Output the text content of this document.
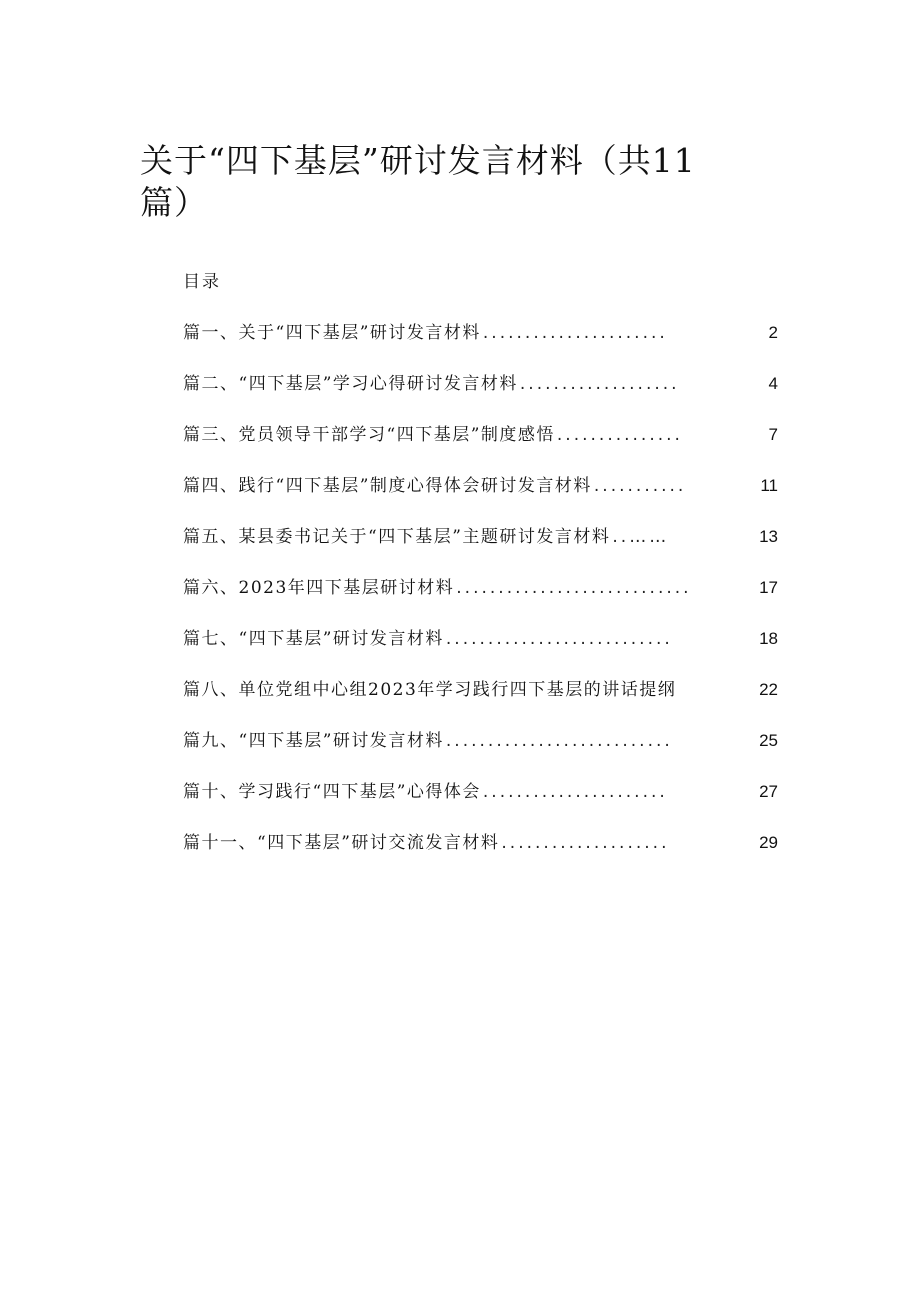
关于“四下基层”研讨发言材料（共11篇）
目录
篇一、关于“四下基层”研讨发言材料 ......................	2
篇二、“四下基层”学习心得研讨发言材料 ...................	4
篇三、党员领导干部学习“四下基层”制度感悟 ...............	7
篇四、践行“四下基层”制度心得体会研讨发言材料 ...........	11
篇五、某县委书记关于“四下基层”主题研讨发言材料 ..……	13
篇六、2023年四下基层研讨材料 ............................	17
篇七、“四下基层”研讨发言材料 ...........................	18
篇八、单位党组中心组2023年学习践行四下基层的讲话提纲	22
篇九、“四下基层”研讨发言材料 ...........................	25
篇十、学习践行“四下基层”心得体会 ......................	27
篇十一、“四下基层”研讨交流发言材料 ....................	29
